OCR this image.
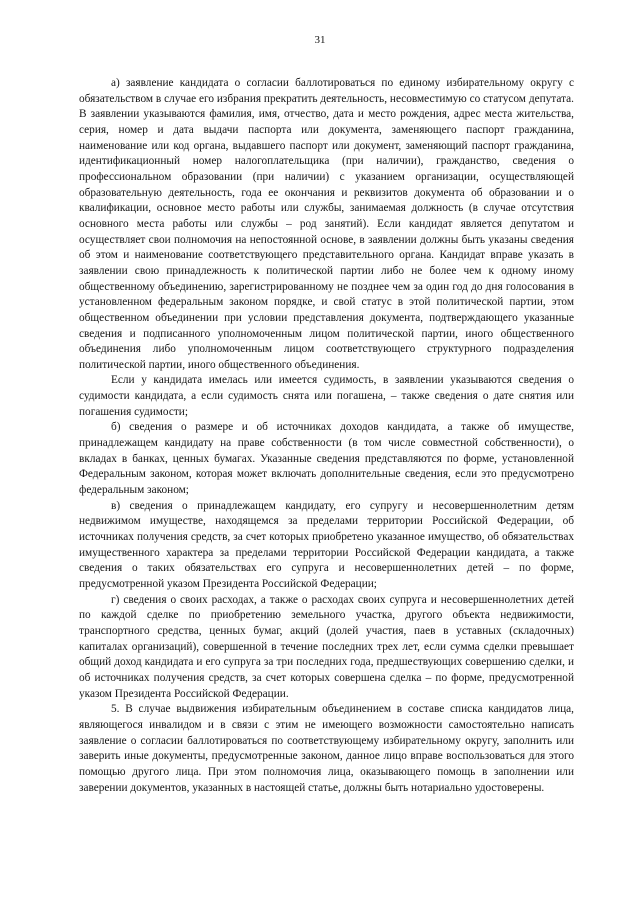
31

а) заявление кандидата о согласии баллотироваться по единому избирательному округу с обязательством в случае его избрания прекратить деятельность, несовместимую со статусом депутата. В заявлении указываются фамилия, имя, отчество, дата и место рождения, адрес места жительства, серия, номер и дата выдачи паспорта или документа, заменяющего паспорт гражданина, наименование или код органа, выдавшего паспорт или документ, заменяющий паспорт гражданина, идентификационный номер налогоплательщика (при наличии), гражданство, сведения о профессиональном образовании (при наличии) с указанием организации, осуществляющей образовательную деятельность, года ее окончания и реквизитов документа об образовании и о квалификации, основное место работы или службы, занимаемая должность (в случае отсутствия основного места работы или службы – род занятий). Если кандидат является депутатом и осуществляет свои полномочия на непостоянной основе, в заявлении должны быть указаны сведения об этом и наименование соответствующего представительного органа. Кандидат вправе указать в заявлении свою принадлежность к политической партии либо не более чем к одному иному общественному объединению, зарегистрированному не позднее чем за один год до дня голосования в установленном федеральным законом порядке, и свой статус в этой политической партии, этом общественном объединении при условии представления документа, подтверждающего указанные сведения и подписанного уполномоченным лицом политической партии, иного общественного объединения либо уполномоченным лицом соответствующего структурного подразделения политической партии, иного общественного объединения.

Если у кандидата имелась или имеется судимость, в заявлении указываются сведения о судимости кандидата, а если судимость снята или погашена, – также сведения о дате снятия или погашения судимости;

б) сведения о размере и об источниках доходов кандидата, а также об имуществе, принадлежащем кандидату на праве собственности (в том числе совместной собственности), о вкладах в банках, ценных бумагах. Указанные сведения представляются по форме, установленной Федеральным законом, которая может включать дополнительные сведения, если это предусмотрено федеральным законом;

в) сведения о принадлежащем кандидату, его супругу и несовершеннолетним детям недвижимом имуществе, находящемся за пределами территории Российской Федерации, об источниках получения средств, за счет которых приобретено указанное имущество, об обязательствах имущественного характера за пределами территории Российской Федерации кандидата, а также сведения о таких обязательствах его супруга и несовершеннолетних детей – по форме, предусмотренной указом Президента Российской Федерации;

г) сведения о своих расходах, а также о расходах своих супруга и несовершеннолетних детей по каждой сделке по приобретению земельного участка, другого объекта недвижимости, транспортного средства, ценных бумаг, акций (долей участия, паев в уставных (складочных) капиталах организаций), совершенной в течение последних трех лет, если сумма сделки превышает общий доход кандидата и его супруга за три последних года, предшествующих совершению сделки, и об источниках получения средств, за счет которых совершена сделка – по форме, предусмотренной указом Президента Российской Федерации.

5. В случае выдвижения избирательным объединением в составе списка кандидатов лица, являющегося инвалидом и в связи с этим не имеющего возможности самостоятельно написать заявление о согласии баллотироваться по соответствующему избирательному округу, заполнить или заверить иные документы, предусмотренные законом, данное лицо вправе воспользоваться для этого помощью другого лица. При этом полномочия лица, оказывающего помощь в заполнении или заверении документов, указанных в настоящей статье, должны быть нотариально удостоверены.
